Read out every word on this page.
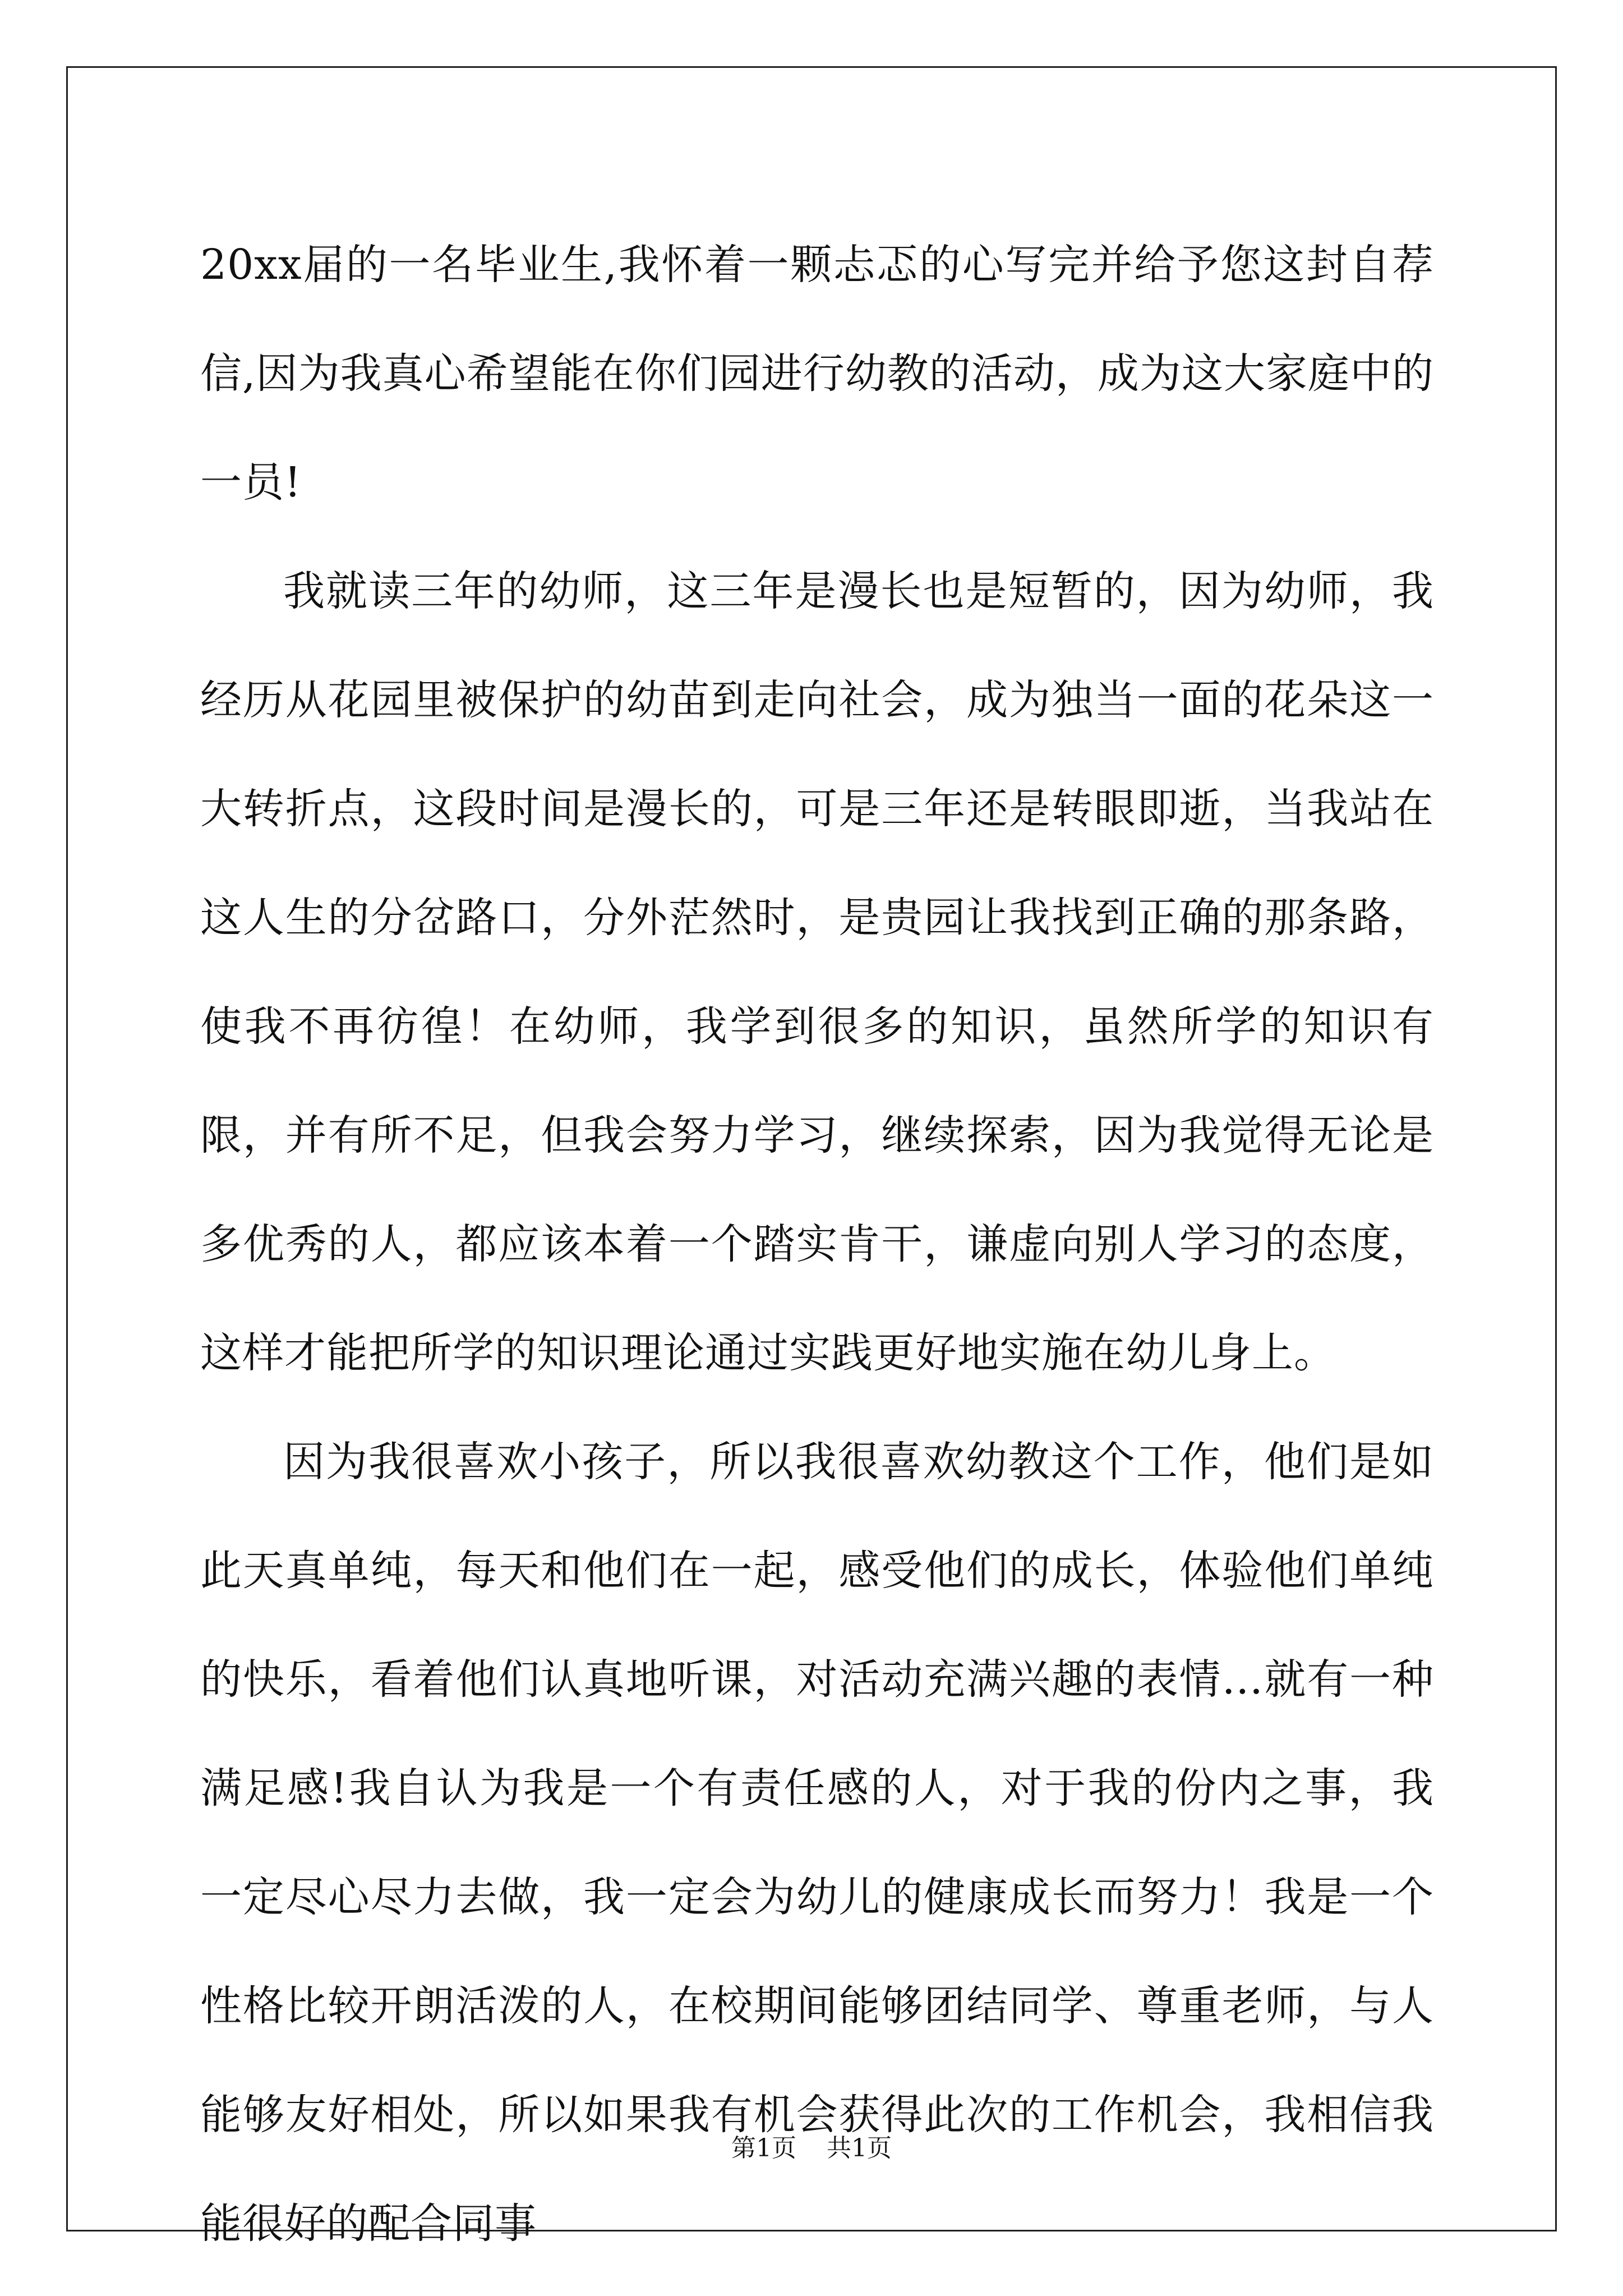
20xx届的一名毕业生,我怀着一颗忐忑的心写完并给予您这封自荐信,因为我真心希望能在你们园进行幼教的活动，成为这大家庭中的一员!

我就读三年的幼师，这三年是漫长也是短暂的，因为幼师，我经历从花园里被保护的幼苗到走向社会，成为独当一面的花朵这一大转折点，这段时间是漫长的，可是三年还是转眼即逝，当我站在这人生的分岔路口，分外茫然时，是贵园让我找到正确的那条路，使我不再彷徨！在幼师，我学到很多的知识，虽然所学的知识有限，并有所不足，但我会努力学习，继续探索，因为我觉得无论是多优秀的人，都应该本着一个踏实肯干，谦虚向别人学习的态度，这样才能把所学的知识理论通过实践更好地实施在幼儿身上。

因为我很喜欢小孩子，所以我很喜欢幼教这个工作，他们是如此天真单纯，每天和他们在一起，感受他们的成长，体验他们单纯的快乐，看着他们认真地听课，对活动充满兴趣的表情…就有一种满足感!我自认为我是一个有责任感的人，对于我的份内之事，我一定尽心尽力去做，我一定会为幼儿的健康成长而努力！我是一个性格比较开朗活泼的人，在校期间能够团结同学、尊重老师，与人能够友好相处，所以如果我有机会获得此次的工作机会，我相信我能很好的配合同事

第1页 共1页
